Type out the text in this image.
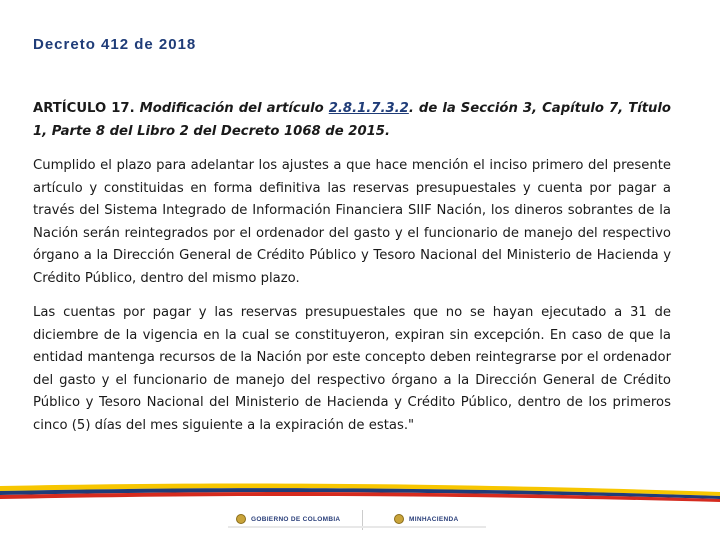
Decreto 412 de 2018

ARTÍCULO 17. Modificación del artículo 2.8.1.7.3.2. de la Sección 3, Capítulo 7, Título 1, Parte 8 del Libro 2 del Decreto 1068 de 2015.

Cumplido el plazo para adelantar los ajustes a que hace mención el inciso primero del presente artículo y constituidas en forma definitiva las reservas presupuestales y cuenta por pagar a través del Sistema Integrado de Información Financiera SIIF Nación, los dineros sobrantes de la Nación serán reintegrados por el ordenador del gasto y el funcionario de manejo del respectivo órgano a la Dirección General de Crédito Público y Tesoro Nacional del Ministerio de Hacienda y Crédito Público, dentro del mismo plazo.

Las cuentas por pagar y las reservas presupuestales que no se hayan ejecutado a 31 de diciembre de la vigencia en la cual se constituyeron, expiran sin excepción. En caso de que la entidad mantenga recursos de la Nación por este concepto deben reintegrarse por el ordenador del gasto y el funcionario de manejo del respectivo órgano a la Dirección General de Crédito Público y Tesoro Nacional del Ministerio de Hacienda y Crédito Público, dentro de los primeros cinco (5) días del mes siguiente a la expiración de estas."

GOBIERNO DE COLOMBIA	MINHACIENDA
